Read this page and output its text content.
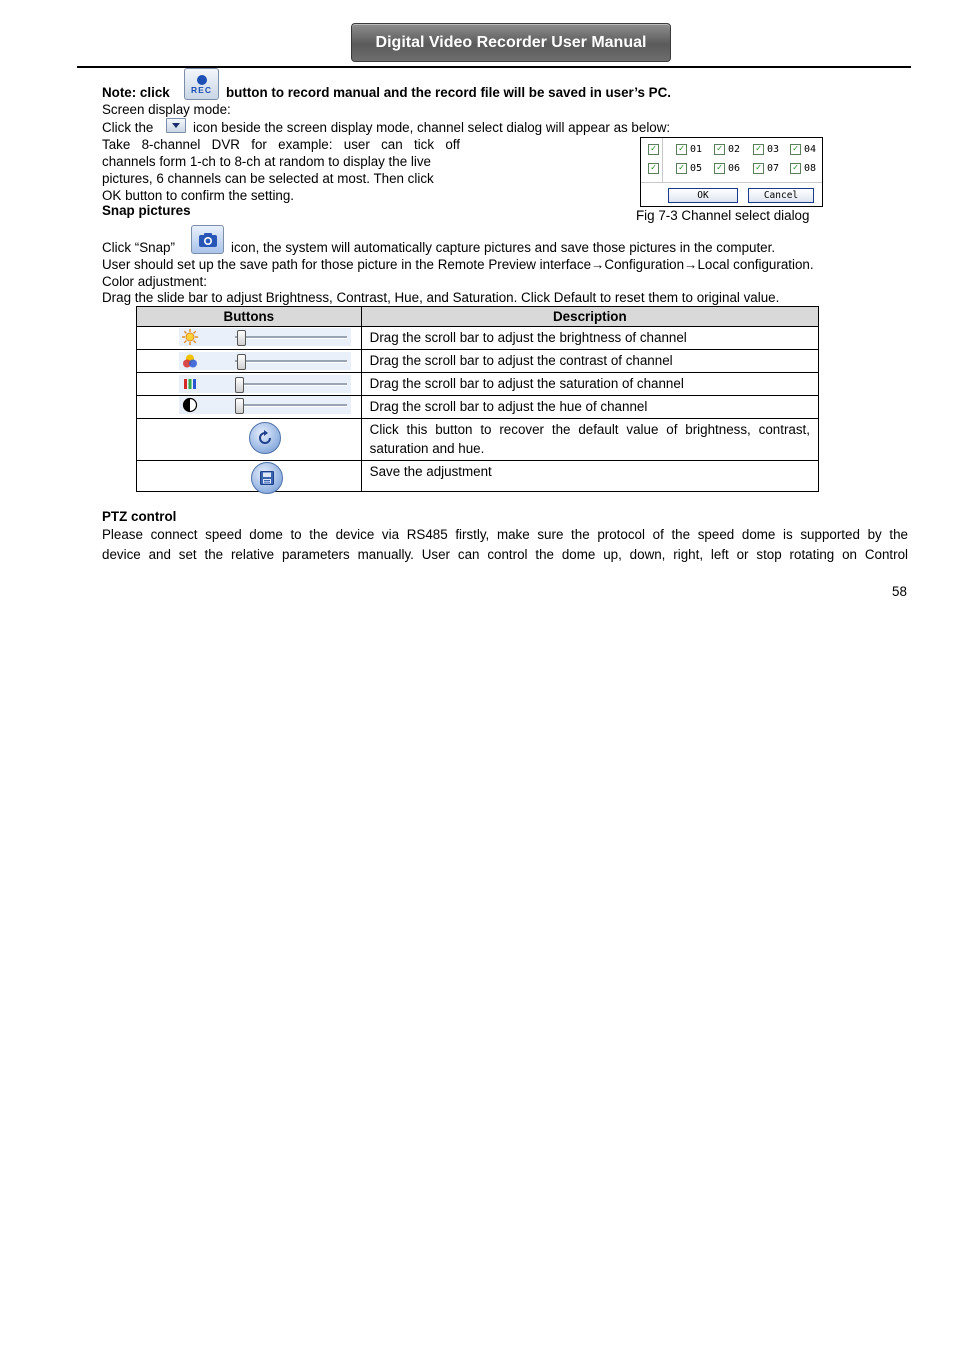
Digital Video Recorder User Manual
Note: click	REC button to record manual and the record file will be saved in user’s PC.
Screen display mode:
Click the	icon beside the screen display mode, channel select dialog will appear as below:
Take 8-channel DVR for example: user can tick off
channels form 1-ch to 8-ch at random to display the live
pictures, 6 channels can be selected at most. Then click
OK button to confirm the setting.
✓
✓
✓ 01	✓ 02	✓ 03	✓ 04
✓ 05	✓ 06	✓ 07	✓ 08
OK	Cancel
Fig 7-3 Channel select dialog
Snap pictures
Click “Snap”	icon, the system will automatically capture pictures and save those pictures in the computer.
User should set up the save path for those picture in the Remote Preview interface→Configuration→Local configuration.
Color adjustment:
Drag the slide bar to adjust Brightness, Contrast, Hue, and Saturation. Click Default to reset them to original value.
Buttons	Description

	Drag the scroll bar to adjust the brightness of channel

	Drag the scroll bar to adjust the contrast of channel

	Drag the scroll bar to adjust the saturation of channel

	Drag the scroll bar to adjust the hue of channel

	Click this button to recover the default value of brightness, contrast, saturation and hue.

	Save the adjustment
PTZ control
Please connect speed dome to the device via RS485 firstly, make sure the protocol of the speed dome is supported by the
device and set the relative parameters manually. User can control the dome up, down, right, left or stop rotating on Control
58
